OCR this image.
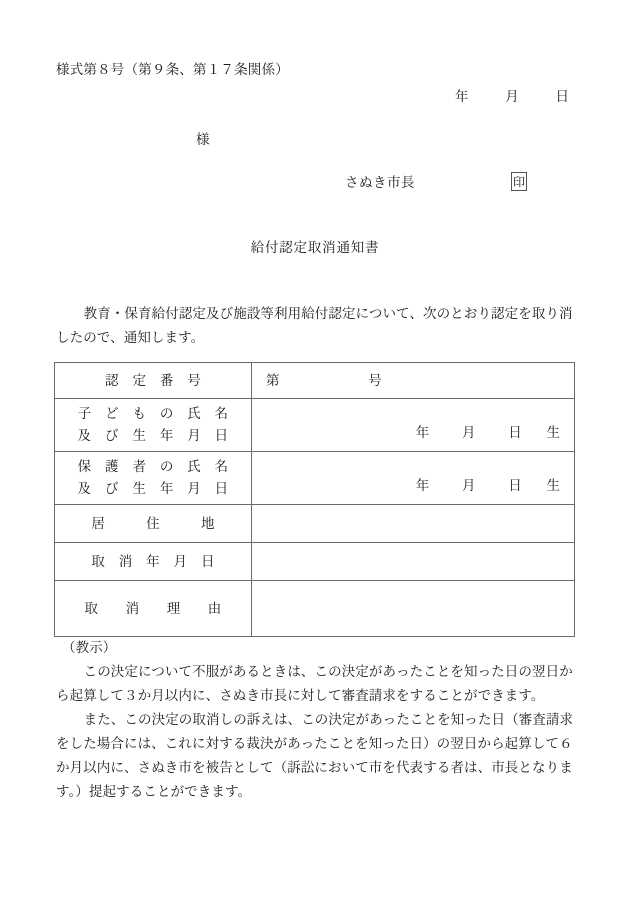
様式第８号（第９条、第１７条関係）
年	月	日
様
さぬき市長	印
給付認定取消通知書
　教育・保育給付認定及び施設等利用給付認定について、次のとおり認定を取り消したので、通知します。
認　定　番　号	第 号

子　ど　も　の　氏　名
及　び　生　年　月　日	年 月 日 生

保　護　者　の　氏　名
及　び　生　年　月　日	年 月 日 生

居　　　住　　　地	

取　消　年　月　日	

取　　消　　理　　由	

（教示）
　この決定について不服があるときは、この決定があったことを知った日の翌日から起算して３か月以内に、さぬき市長に対して審査請求をすることができます。
　また、この決定の取消しの訴えは、この決定があったことを知った日（審査請求をした場合には、これに対する裁決があったことを知った日）の翌日から起算して６か月以内に、さぬき市を被告として（訴訟において市を代表する者は、市長となります。）提起することができます。
